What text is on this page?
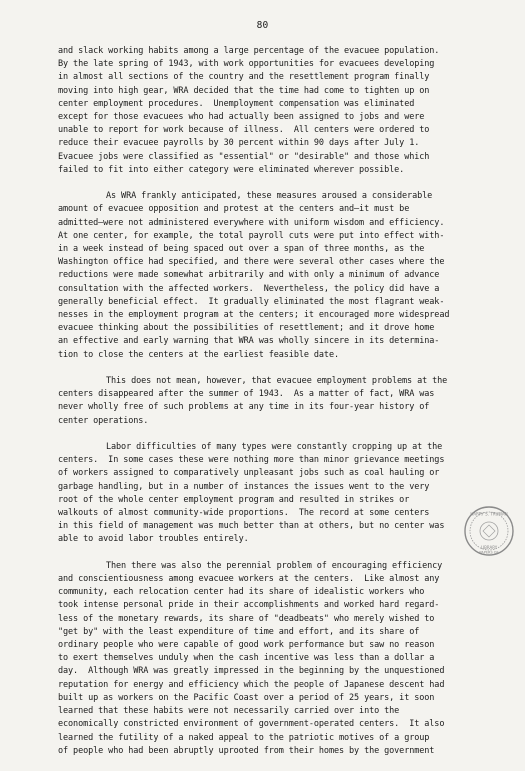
80
and slack working habits among a large percentage of the evacuee population.
By the late spring of 1943, with work opportunities for evacuees developing
in almost all sections of the country and the resettlement program finally
moving into high gear, WRA decided that the time had come to tighten up on
center employment procedures.  Unemployment compensation was eliminated
except for those evacuees who had actually been assigned to jobs and were
unable to report for work because of illness.  All centers were ordered to
reduce their evacuee payrolls by 30 percent within 90 days after July 1.
Evacuee jobs were classified as "essential" or "desirable" and those which
failed to fit into either category were eliminated wherever possible.
As WRA frankly anticipated, these measures aroused a considerable
amount of evacuee opposition and protest at the centers and—it must be
admitted—were not administered everywhere with uniform wisdom and efficiency.
At one center, for example, the total payroll cuts were put into effect with-
in a week instead of being spaced out over a span of three months, as the
Washington office had specified, and there were several other cases where the
reductions were made somewhat arbitrarily and with only a minimum of advance
consultation with the affected workers.  Nevertheless, the policy did have a
generally beneficial effect.  It gradually eliminated the most flagrant weak-
nesses in the employment program at the centers; it encouraged more widespread
evacuee thinking about the possibilities of resettlement; and it drove home
an effective and early warning that WRA was wholly sincere in its determina-
tion to close the centers at the earliest feasible date.
This does not mean, however, that evacuee employment problems at the
centers disappeared after the summer of 1943.  As a matter of fact, WRA was
never wholly free of such problems at any time in its four-year history of
center operations.
Labor difficulties of many types were constantly cropping up at the
centers.  In some cases these were nothing more than minor grievance meetings
of workers assigned to comparatively unpleasant jobs such as coal hauling or
garbage handling, but in a number of instances the issues went to the very
root of the whole center employment program and resulted in strikes or
walkouts of almost community-wide proportions.  The record at some centers
in this field of management was much better than at others, but no center was
able to avoid labor troubles entirely.
Then there was also the perennial problem of encouraging efficiency
and conscientiousness among evacuee workers at the centers.  Like almost any
community, each relocation center had its share of idealistic workers who
took intense personal pride in their accomplishments and worked hard regard-
less of the monetary rewards, its share of "deadbeats" who merely wished to
"get by" with the least expenditure of time and effort, and its share of
ordinary people who were capable of good work performance but saw no reason
to exert themselves unduly when the cash incentive was less than a dollar a
day.  Although WRA was greatly impressed in the beginning by the unquestioned
reputation for energy and efficiency which the people of Japanese descent had
built up as workers on the Pacific Coast over a period of 25 years, it soon
learned that these habits were not necessarily carried over into the
economically constricted environment of government-operated centers.  It also
learned the futility of a naked appeal to the patriotic motives of a group
of people who had been abruptly uprooted from their homes by the government
HARRY S. TRUMAN
LIBRARY
PAPERS OF
